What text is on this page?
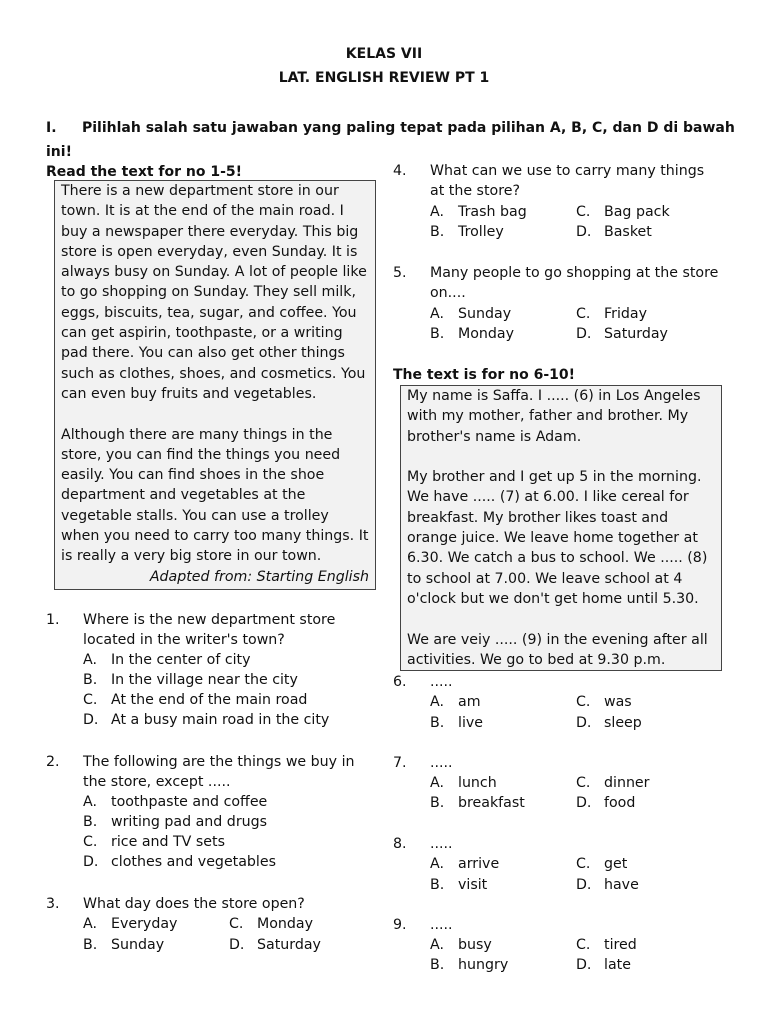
KELAS VII
LAT. ENGLISH REVIEW PT 1
I. Pilihlah salah satu jawaban yang paling tepat pada pilihan A, B, C, dan D di bawah ini!
Read the text for no 1-5!

There is a new department store in our town. It is at the end of the main road. I buy a newspaper there everyday. This big store is open everyday, even Sunday. It is always busy on Sunday. A lot of people like to go shopping on Sunday. They sell milk, eggs, biscuits, tea, sugar, and coffee. You can get aspirin, toothpaste, or a writing pad there. You can also get other things such as clothes, shoes, and cosmetics. You can even buy fruits and vegetables.

Although there are many things in the store, you can find the things you need easily. You can find shoes in the shoe department and vegetables at the vegetable stalls. You can use a trolley when you need to carry too many things. It is really a very big store in our town.

Adapted from: Starting English

1. Where is the new department store
located in the writer's town?
A. In the center of city
B. In the village near the city
C. At the end of the main road
D. At a busy main road in the city
2. The following are the things we buy in
the store, except .....
A. toothpaste and coffee
B. writing pad and drugs
C. rice and TV sets
D. clothes and vegetables
3. What day does the store open?
A. Everyday	C. Monday
B. Sunday	D. Saturday
4. What can we use to carry many things
at the store?
A. Trash bag	C. Bag pack
B. Trolley	D. Basket
5. Many people to go shopping at the store
on....
A. Sunday	C. Friday
B. Monday	D. Saturday
The text is for no 6-10!

My name is Saffa. I ..... (6) in Los Angeles with my mother, father and brother. My brother's name is Adam.

My brother and I get up 5 in the morning. We have ..... (7) at 6.00. I like cereal for breakfast. My brother likes toast and orange juice. We leave home together at 6.30. We catch a bus to school. We ..... (8) to school at 7.00. We leave school at 4 o'clock but we don't get home until 5.30.

We are veiy ..... (9) in the evening after all activities. We go to bed at 9.30 p.m.

6. .....
A. am	C. was
B. live	D. sleep
7. .....
A. lunch	C. dinner
B. breakfast	D. food
8. .....
A. arrive	C. get
B. visit	D. have
9. .....
A. busy	C. tired
B. hungry	D. late
